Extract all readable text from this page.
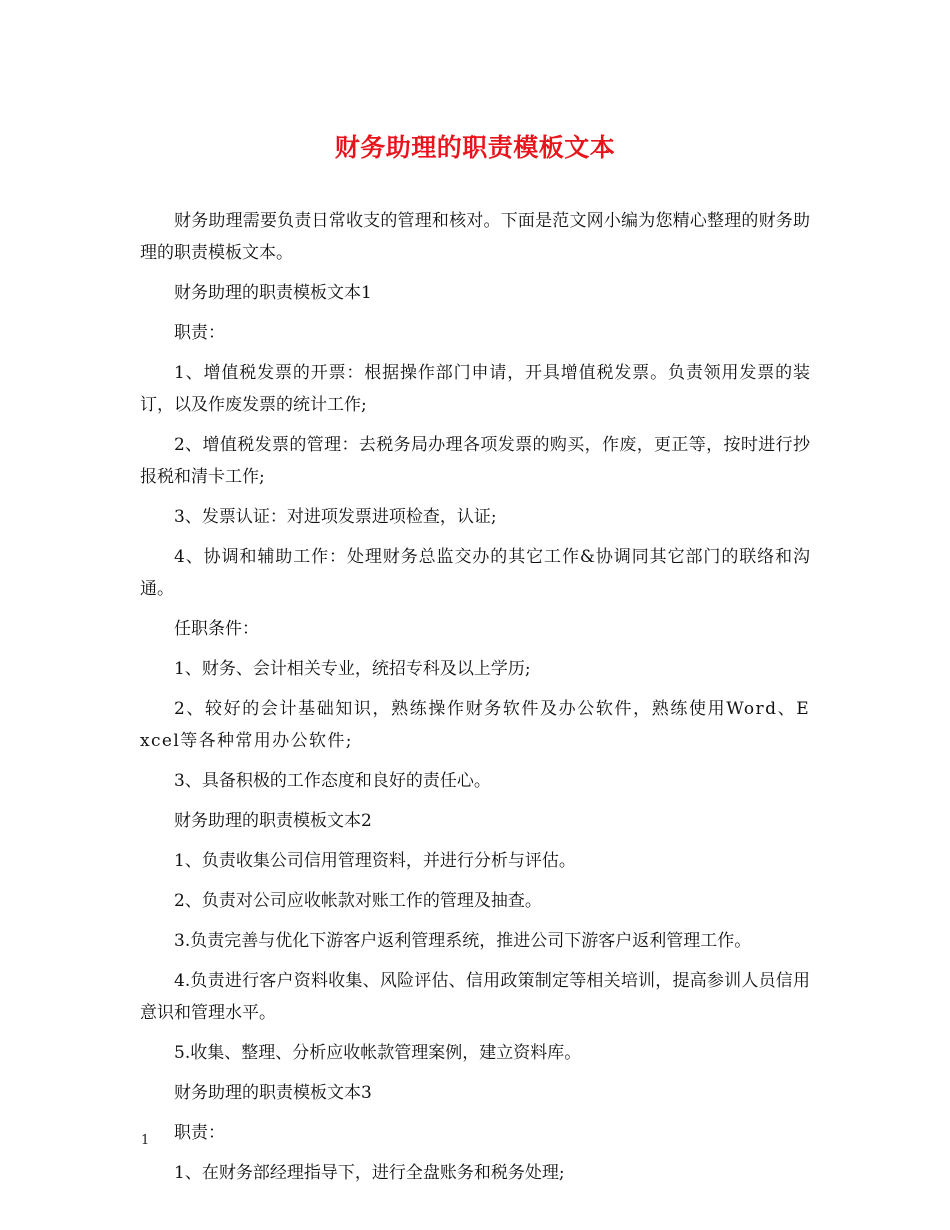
财务助理的职责模板文本

财务助理需要负责日常收支的管理和核对。下面是范文网小编为您精心整理的财务助理的职责模板文本。

财务助理的职责模板文本1

职责：

1、增值税发票的开票：根据操作部门申请，开具增值税发票。负责领用发票的装订，以及作废发票的统计工作;

2、增值税发票的管理：去税务局办理各项发票的购买，作废，更正等，按时进行抄报税和清卡工作;

3、发票认证：对进项发票进项检查，认证;

4、协调和辅助工作：处理财务总监交办的其它工作&协调同其它部门的联络和沟通。

任职条件：

1、财务、会计相关专业，统招专科及以上学历;

2、较好的会计基础知识，熟练操作财务软件及办公软件，熟练使用Word、Excel等各种常用办公软件;

3、具备积极的工作态度和良好的责任心。

财务助理的职责模板文本2

1、负责收集公司信用管理资料，并进行分析与评估。

2、负责对公司应收帐款对账工作的管理及抽查。

3.负责完善与优化下游客户返利管理系统，推进公司下游客户返利管理工作。

4.负责进行客户资料收集、风险评估、信用政策制定等相关培训，提高参训人员信用意识和管理水平。

5.收集、整理、分析应收帐款管理案例，建立资料库。

财务助理的职责模板文本3

职责：

1、在财务部经理指导下，进行全盘账务和税务处理;

1
